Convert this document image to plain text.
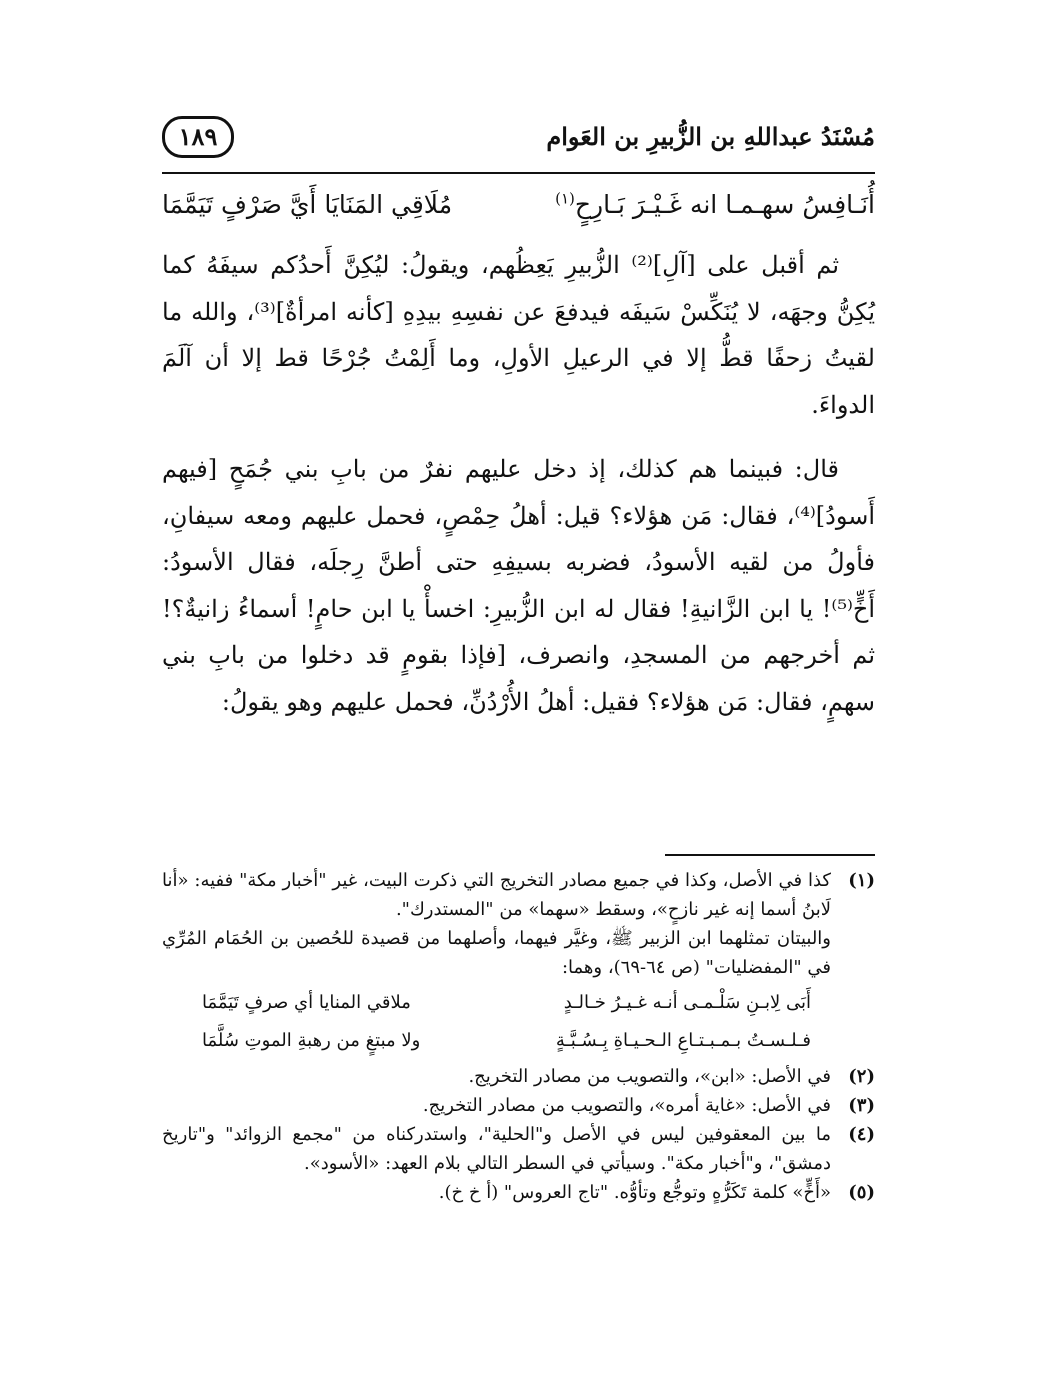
مُسْنَدُ عبداللهِ بن الزُّبيرِ بن العَوام
١٨٩
أُنَـافِسُ سهـمـا انه غَـيْـرَ بَـارِحٍ$^{(١)}$
مُلَاقِي المَنَايَا أَيَّ صَرْفٍ تَيَمَّمَا

ثم أقبل على [آلِ]⁽²⁾ الزُّبيرِ يَعِظُهم، ويقولُ: ليُكِنَّ أَحدُكم سيفَهُ كما يُكِنُّ وجهَه، لا يُنَكِّسْ سَيفَه فيدفعَ عن نفسِهِ بيدِهِ [كأنه امرأةٌ]⁽³⁾، والله ما لقيتُ زحفًا قطُّ إلا في الرعيلِ الأولِ، وما أَلِمْتُ جُرْحًا قط إلا أن آلَمَ الدواءَ.

قال: فبينما هم كذلك، إذ دخل عليهم نفرٌ من بابِ بني جُمَحٍ [فيهم أَسودُ]⁽⁴⁾، فقال: مَن هؤلاء؟ قيل: أهلُ حِمْصٍ، فحمل عليهم ومعه سيفانِ، فأولُ من لقيه الأسودُ، فضربه بسيفِهِ حتى أطنَّ رِجلَه، فقال الأسودُ: أَخٍّ⁽⁵⁾! يا ابن الزَّانيةِ! فقال له ابن الزُّبيرِ: اخسأْ يا ابن حامٍ! أسماءُ زانيةٌ؟! ثم أخرجهم من المسجدِ، وانصرف، [فإذا بقومٍ قد دخلوا من بابِ بني سهمٍ، فقال: مَن هؤلاء؟ فقيل: أهلُ الأُرْدُنِّ، فحمل عليهم وهو يقولُ:

(١)
كذا في الأصل، وكذا في جميع مصادر التخريج التي ذكرت البيت، غير "أخبار مكة" ففيه: «أنا لَابنُ أسما إنه غير نازحٍ»، وسقط «سهما» من "المستدرك".
والبيتان تمثلهما ابن الزبير ﷺ، وغيَّر فيهما، وأصلهما من قصيدة للحُصين بن الحُمَام المُرِّي في "المفضليات" (ص ٦٤-٦٩)، وهما:
أَبَى لِابـنِ سَلْـمـى أنـه غـيـرُ خـالـدٍ
ملاقي المنايا أي صرفٍ تَيَمَّمَا
فـلـسـتُ بـمـبـتـاعِ الـحـيـاةِ بِـسُـبَّـةٍ
ولا مبتغٍ من رهبةِ الموتِ سُلَّمَا
(٢)
في الأصل: «ابن»، والتصويب من مصادر التخريج.
(٣)
في الأصل: «غاية أمره»، والتصويب من مصادر التخريج.
(٤)
ما بين المعقوفين ليس في الأصل و"الحلية"، واستدركناه من "مجمع الزوائد" و"تاريخ دمشق"، و"أخبار مكة". وسيأتي في السطر التالي بلام العهد: «الأسود».
(٥)
«أَخٍّ» كلمة تَكَرُّهٍ وتوجُّع وتأوُّه. "تاج العروس" (أ خ خ).
